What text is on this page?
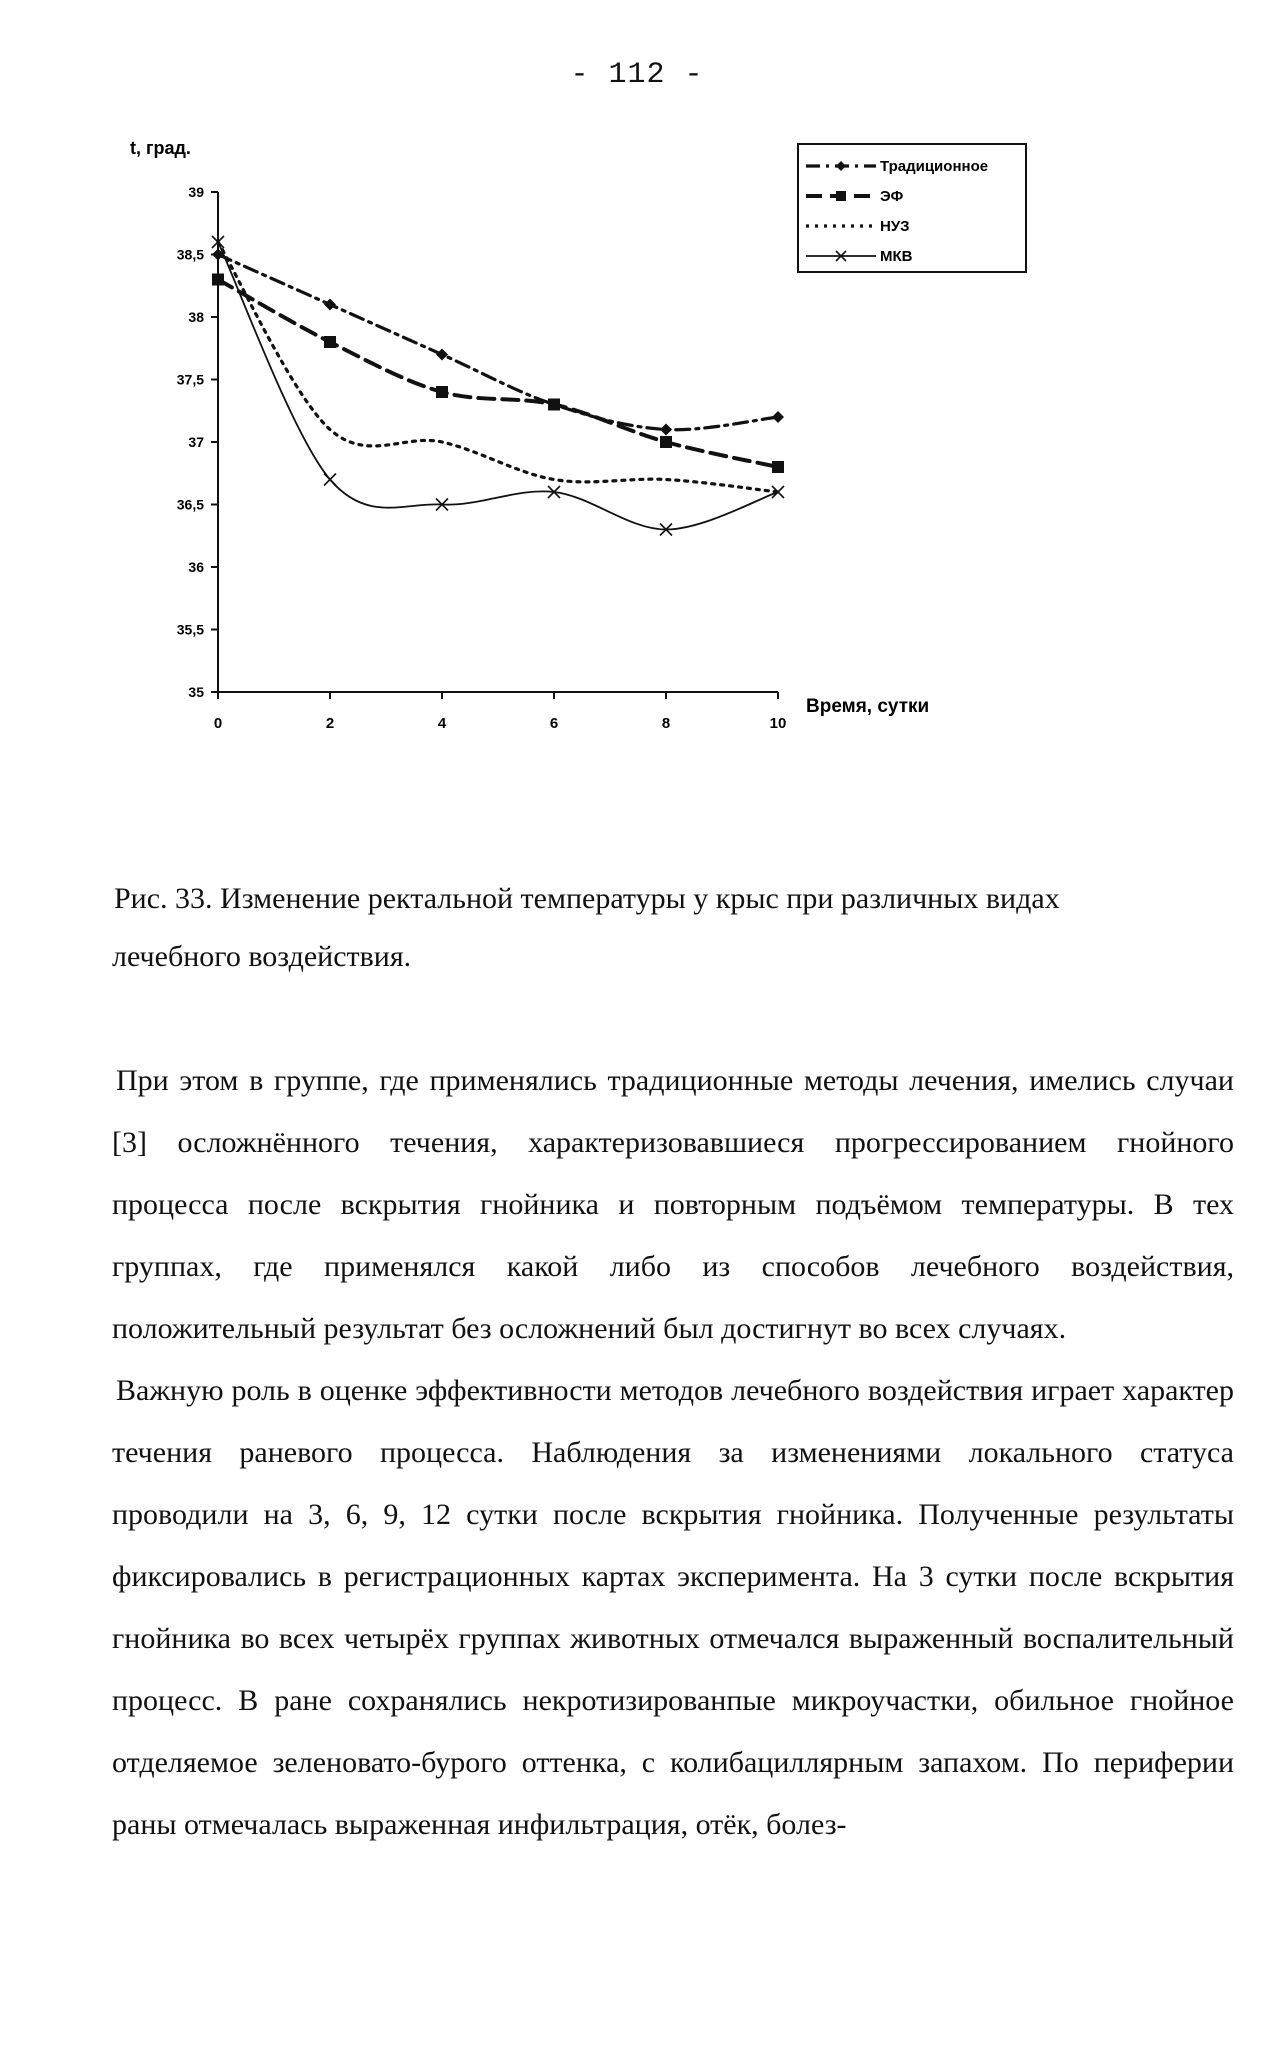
- 112 -
t, град.
39
38,5
38
37,5
37
36,5
36
35,5
35
0	2	4	6	8	10
Время, сутки
Традиционное
ЭФ
НУЗ
МКВ
Рис. 33. Изменение ректальной температуры у крыс при различных видах лечебного воздействия.

При этом в группе, где применялись традиционные методы лечения, имелись случаи [3] осложнённого течения, характеризовавшиеся прогрессированием гнойного процесса после вскрытия гнойника и повторным подъёмом температуры. В тех группах, где применялся какой либо из способов лечебного воздействия, положительный результат без осложнений был достигнут во всех случаях.

Важную роль в оценке эффективности методов лечебного воздействия играет характер течения раневого процесса. Наблюдения за изменениями локального статуса проводили на 3, 6, 9, 12 сутки после вскрытия гнойника. Полученные результаты фиксировались в регистрационных картах эксперимента. На 3 сутки после вскрытия гнойника во всех четырёх группах животных отмечался выраженный воспалительный процесс. В ране сохранялись некротизированпые микроучастки, обильное гнойное отделяемое зеленовато-бурого оттенка, с колибациллярным запахом. По периферии раны отмечалась выраженная инфильтрация, отёк, болез-
